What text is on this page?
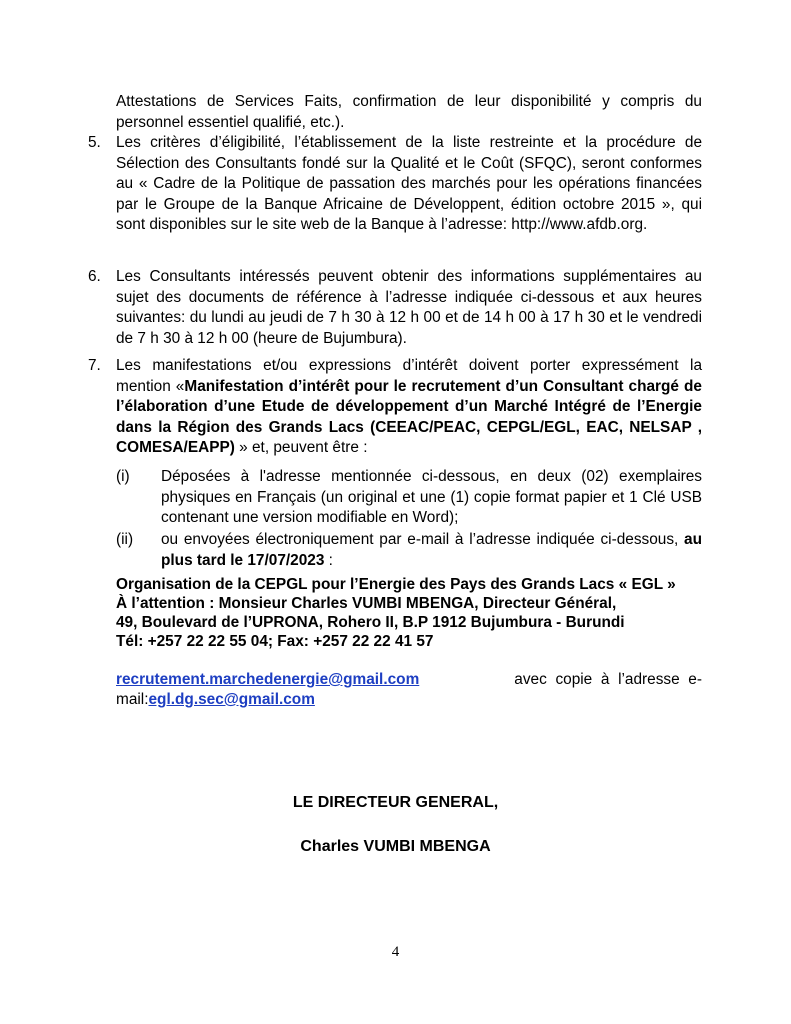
Attestations de Services Faits, confirmation de leur disponibilité y compris du personnel essentiel qualifié, etc.).

5. Les critères d’éligibilité, l’établissement de la liste restreinte et la procédure de Sélection des Consultants fondé sur la Qualité et le Coût (SFQC), seront conformes au « Cadre de la Politique de passation des marchés pour les opérations financées par le Groupe de la Banque Africaine de Développent, édition octobre 2015 », qui sont disponibles sur le site web de la Banque à l’adresse: http://www.afdb.org.

6. Les Consultants intéressés peuvent obtenir des informations supplémentaires au sujet des documents de référence à l’adresse indiquée ci-dessous et aux heures suivantes: du lundi au jeudi de 7 h 30 à 12 h 00 et de 14 h 00 à 17 h 30 et le vendredi de 7 h 30 à 12 h 00 (heure de Bujumbura).

7. Les manifestations et/ou expressions d’intérêt doivent porter expressément la mention «Manifestation d’intérêt pour le recrutement d’un Consultant chargé de l’élaboration d’une Etude de développement d’un Marché Intégré de l’Energie dans la Région des Grands Lacs (CEEAC/PEAC, CEPGL/EGL, EAC, NELSAP , COMESA/EAPP) » et, peuvent être :

(i) Déposées à l'adresse mentionnée ci-dessous, en deux (02) exemplaires physiques en Français (un original et une (1) copie format papier et 1 Clé USB contenant une version modifiable en Word);

(ii) ou envoyées électroniquement par e-mail à l’adresse indiquée ci-dessous, au plus tard le 17/07/2023 :

Organisation de la CEPGL pour l’Energie des Pays des Grands Lacs « EGL »

À l’attention : Monsieur Charles VUMBI MBENGA, Directeur Général,

49, Boulevard de l’UPRONA, Rohero II, B.P 1912 Bujumbura - Burundi

Tél: +257 22 22 55 04; Fax: +257 22 22 41 57

recrutement.marchedenergie@gmail.com	avec copie à l’adresse e-mail:egl.dg.sec@gmail.com

LE DIRECTEUR GENERAL,

Charles VUMBI MBENGA

4
